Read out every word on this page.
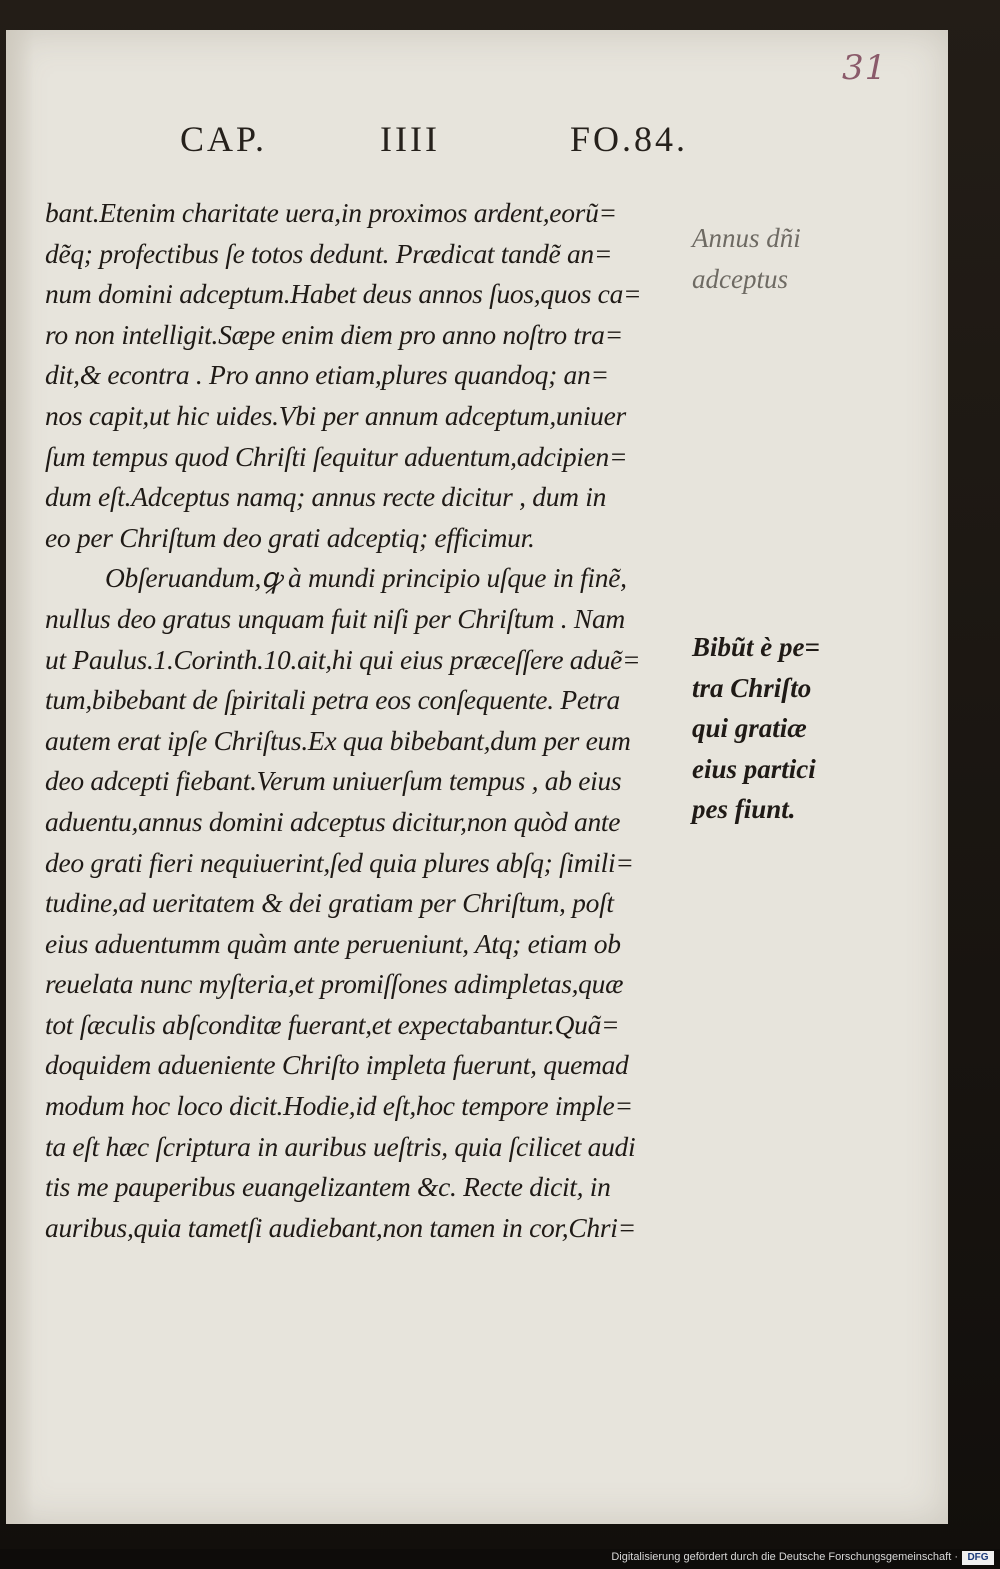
31
CAP.	IIII	FO.84.
bant.Etenim charitate uera,in proximos ardent,eorũ=
dẽq; profectibus ſe totos dedunt. Prædicat tandẽ an=
num domini adceptum.Habet deus annos ſuos,quos ca=
ro non intelligit.Sæpe enim diem pro anno noſtro tra=
dit,& econtra . Pro anno etiam,plures quandoq; an=
nos capit,ut hic uides.Vbi per annum adceptum,uniuer
ſum tempus quod Chriſti ſequitur aduentum,adcipien=
dum eſt.Adceptus namq; annus recte dicitur , dum in
eo per Chriſtum deo grati adceptiq; efficimur.
Obſeruandum,ꝙ à mundi principio uſque in finẽ,
nullus deo gratus unquam fuit niſi per Chriſtum . Nam
ut Paulus.1.Corinth.10.ait,hi qui eius præceſſere aduẽ=
tum,bibebant de ſpiritali petra eos conſequente. Petra
autem erat ipſe Chriſtus.Ex qua bibebant,dum per eum
deo adcepti fiebant.Verum uniuerſum tempus , ab eius
aduentu,annus domini adceptus dicitur,non quòd ante
deo grati fieri nequiuerint,ſed quia plures abſq; ſimili=
tudine,ad ueritatem & dei gratiam per Chriſtum, poſt
eius aduentumm quàm ante perueniunt, Atq; etiam ob
reuelata nunc myſteria,et promiſſones adimpletas,quæ
tot ſæculis abſconditæ fuerant,et expectabantur.Quã=
doquidem adueniente Chriſto impleta fuerunt, quemad
modum hoc loco dicit.Hodie,id eſt,hoc tempore imple=
ta eſt hæc ſcriptura in auribus ueſtris, quia ſcilicet audi
tis me pauperibus euangelizantem &c. Recte dicit, in
auribus,quia tametſi audiebant,non tamen in cor,Chri=
Annus dñi
adceptus
Bibũt è pe=
tra Chriſto
qui gratiæ
eius partici
pes fiunt.
Digitalisierung gefördert durch die Deutsche Forschungsgemeinschaft · DFG
